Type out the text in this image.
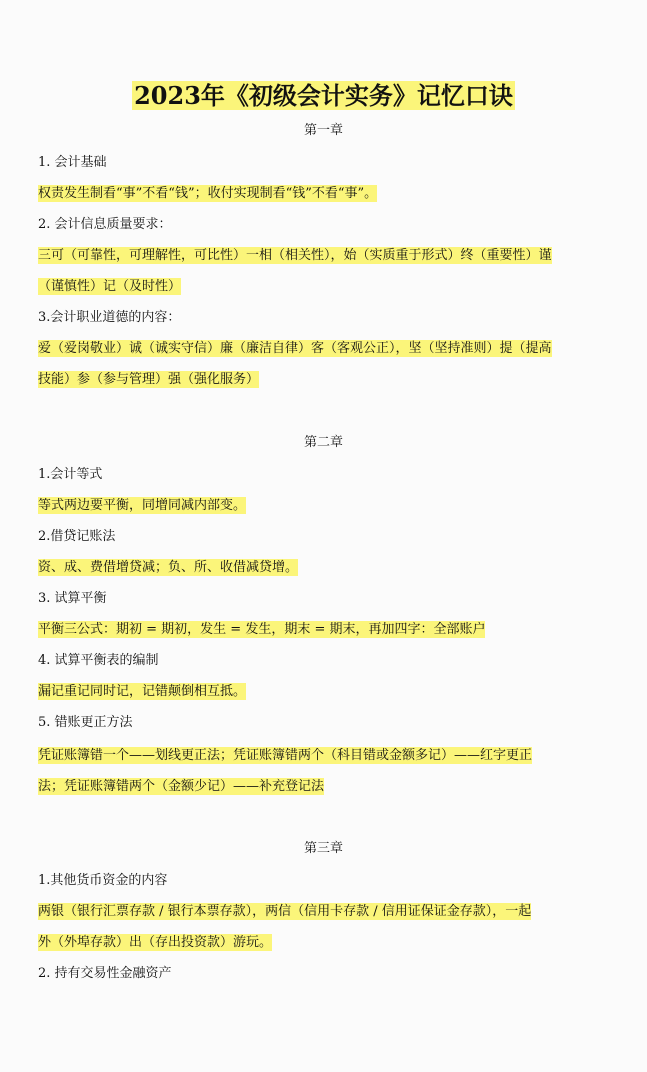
2023年《初级会计实务》记忆口诀
第一章
1. 会计基础
权责发生制看“事”不看“钱”；收付实现制看“钱”不看“事”。
2. 会计信息质量要求：
三可（可靠性，可理解性，可比性）一相（相关性），始（实质重于形式）终（重要性）谨
（谨慎性）记（及时性）
3.会计职业道德的内容：
爱（爱岗敬业）诚（诚实守信）廉（廉洁自律）客（客观公正），坚（坚持准则）提（提高
技能）参（参与管理）强（强化服务）
第二章
1.会计等式
等式两边要平衡，同增同减内部变。
2.借贷记账法
资、成、费借增贷减；负、所、收借减贷增。
3. 试算平衡
平衡三公式：期初 = 期初，发生 = 发生，期末 = 期末，再加四字：全部账户
4. 试算平衡表的编制
漏记重记同时记，记错颠倒相互抵。
5. 错账更正方法
凭证账簿错一个——划线更正法；凭证账簿错两个（科目错或金额多记）——红字更正
法；凭证账簿错两个（金额少记）——补充登记法
第三章
1.其他货币资金的内容
两银（银行汇票存款 / 银行本票存款），两信（信用卡存款 / 信用证保证金存款），一起
外（外埠存款）出（存出投资款）游玩。
2. 持有交易性金融资产
